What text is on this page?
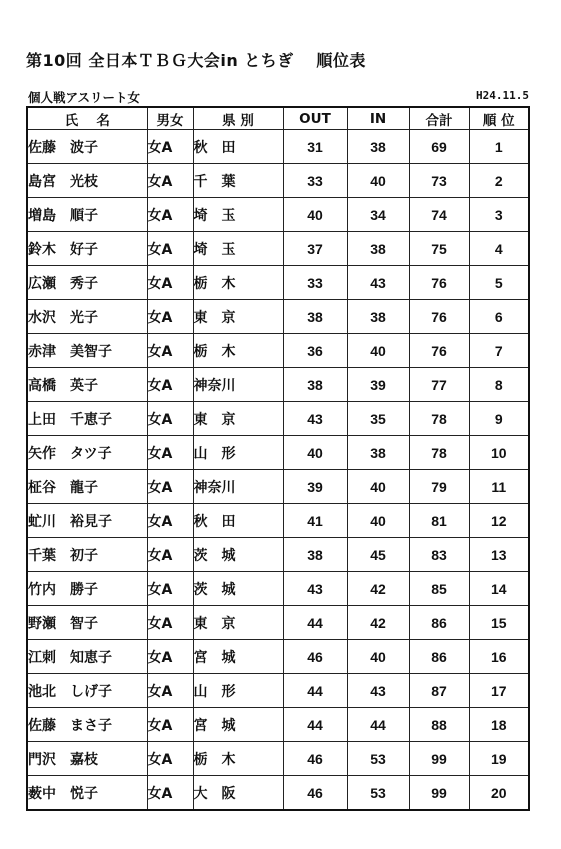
第10回 全日本ＴＢＧ大会in とちぎ　 順位表
個人戦アスリート女	H24.11.5
氏　 名	男女	県 別	OUT	IN	合計	順 位
佐藤　波子	女A	秋　田	31	38	69	1
島宮　光枝	女A	千　葉	33	40	73	2
増島　順子	女A	埼　玉	40	34	74	3
鈴木　好子	女A	埼　玉	37	38	75	4
広瀬　秀子	女A	栃　木	33	43	76	5
水沢　光子	女A	東　京	38	38	76	6
赤津　美智子	女A	栃　木	36	40	76	7
高橋　英子	女A	神奈川	38	39	77	8
上田　千恵子	女A	東　京	43	35	78	9
矢作　タツ子	女A	山　形	40	38	78	10
柾谷　龍子	女A	神奈川	39	40	79	11
虻川　裕見子	女A	秋　田	41	40	81	12
千葉　初子	女A	茨　城	38	45	83	13
竹内　勝子	女A	茨　城	43	42	85	14
野瀬　智子	女A	東　京	44	42	86	15
江刺　知恵子	女A	宮　城	46	40	86	16
池北　しげ子	女A	山　形	44	43	87	17
佐藤　まさ子	女A	宮　城	44	44	88	18
門沢　嘉枝	女A	栃　木	46	53	99	19
薮中　悦子	女A	大　阪	46	53	99	20
